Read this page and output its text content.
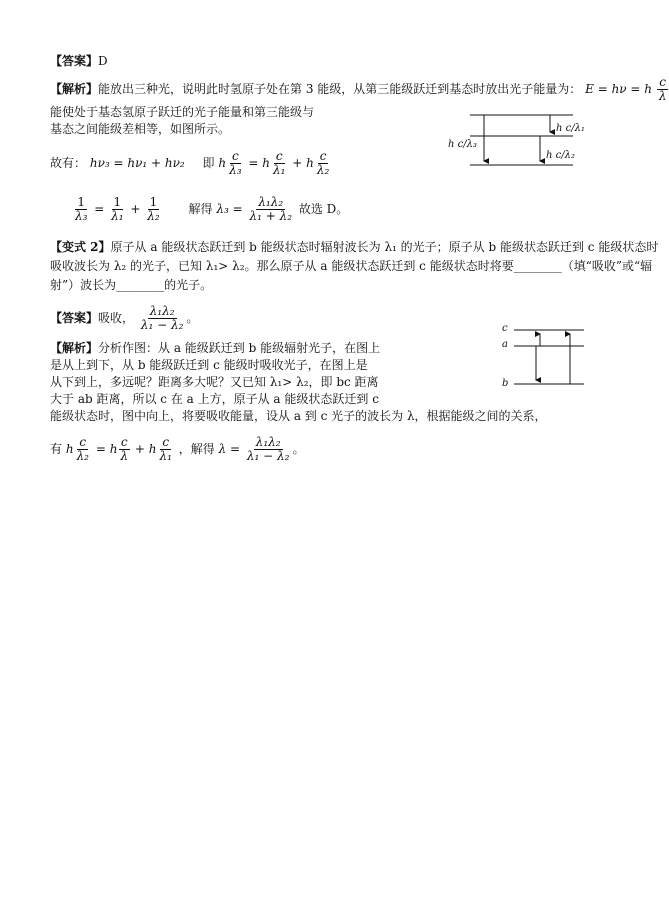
【答案】D
【解析】能放出三种光，说明此时氢原子处在第 3 能级，从第三能级跃迁到基态时放出光子能量为： E = hν = h $\frac{c}{\lambda}$
能使处于基态氢原子跃迁的光子能量和第三能级与
基态之间能级差相等，如图所示。
故有： hν₃ = hν₁ + hν₂ 即 h $\frac{c}{\text{λ₃}} = h \frac{c}{\text{λ₁}} + h \frac{c}{\text{λ₂}}$
$\frac{1}{\text{λ₃}} = \frac{1}{\text{λ₁}} + \frac{1}{\text{λ₂}}$ 解得 $\lambda_3 = \frac{\text{λ₁λ₂}}{\text{λ₁ + λ₂}}$ 故选 D。
h c/λ₁
h c/λ₃
h c/λ₂
【变式 2】原子从 a 能级状态跃迁到 b 能级状态时辐射波长为 λ₁ 的光子；原子从 b 能级状态跃迁到 c 能级状态时
吸收波长为 λ₂ 的光子，已知 λ₁> λ₂。那么原子从 a 能级状态跃迁到 c 能级状态时将要________（填“吸收”或“辐
射”）波长为________的光子。
【答案】吸收， $\frac{\text{λ₁λ₂}}{\text{λ₁ − λ₂}}$ 。
【解析】分析作图：从 a 能级跃迁到 b 能级辐射光子，在图上
是从上到下，从 b 能级跃迁到 c 能级时吸收光子，在图上是
从下到上，多远呢？距离多大呢？又已知 λ₁> λ₂，即 bc 距离
大于 ab 距离，所以 c 在 a 上方，原子从 a 能级状态跃迁到 c
能级状态时，图中向上，将要吸收能量，设从 a 到 c 光子的波长为 λ，根据能级之间的关系，
有 h $\frac{c}{\text{λ₂}} = h \frac{c}{\lambda} + h \frac{c}{\text{λ₁}}$ ，解得 $\lambda = \frac{\text{λ₁λ₂}}{\text{λ₁ − λ₂}}$ 。
c
a
b
